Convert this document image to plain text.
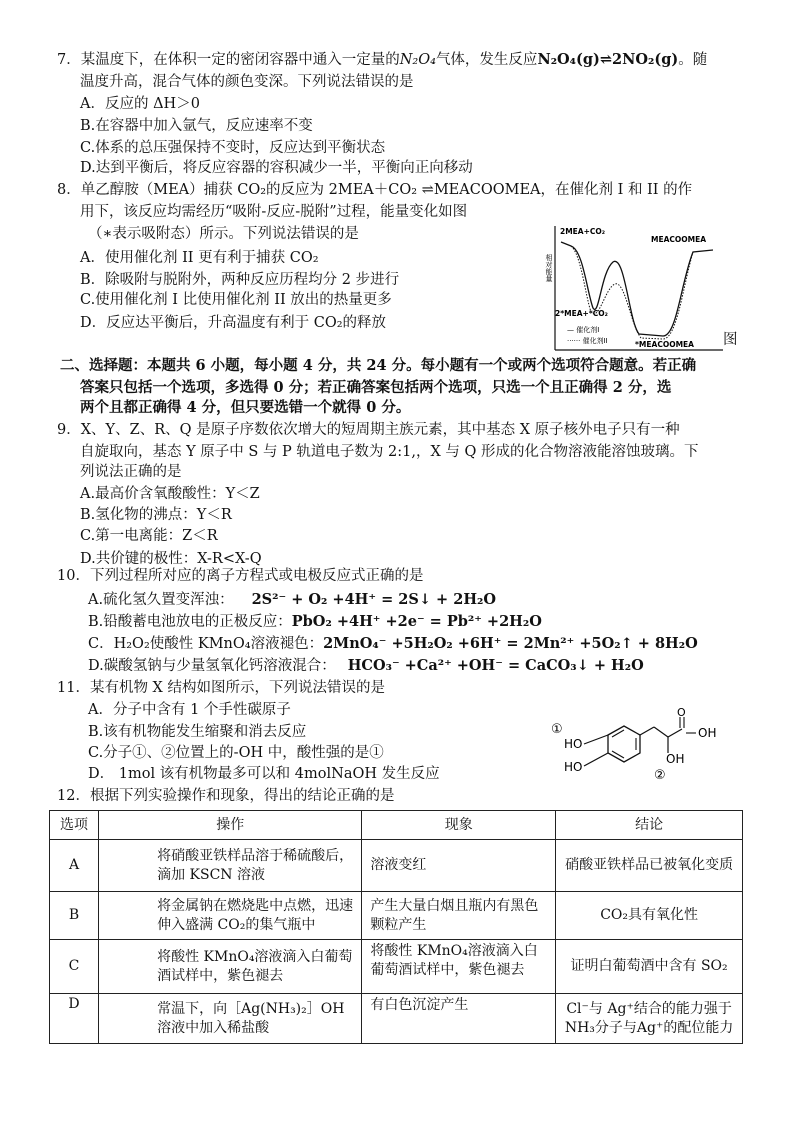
7．某温度下，在体积一定的密闭容器中通入一定量的N₂O₄气体，发生反应N₂O₄(g)⇌2NO₂(g)。随
温度升高，混合气体的颜色变深。下列说法错误的是
A．反应的 ΔH＞0
B.在容器中加入氩气，反应速率不变
C.体系的总压强保持不变时，反应达到平衡状态
D.达到平衡后，将反应容器的容积减少一半，平衡向正向移动
8．单乙醇胺（MEA）捕获 CO₂的反应为 2MEA＋CO₂ ⇌MEACOOMEA，在催化剂 I 和 II 的作
用下，该反应均需经历“吸附-反应-脱附”过程，能量变化如图
（∗表示吸附态）所示。下列说法错误的是
A．使用催化剂 II 更有利于捕获 CO₂
B．除吸附与脱附外，两种反应历程均分 2 步进行
C.使用催化剂 I 比使用催化剂 II 放出的热量更多
D．反应达平衡后，升高温度有利于 CO₂的释放
相对能量
2MEA+CO₂
MEACOOMEA
2*MEA+*CO₂
*MEACOOMEA
— 催化剂I
······ 催化剂II	图
二、选择题：本题共 6 小题，每小题 4 分，共 24 分。每小题有一个或两个选项符合题意。若正确
答案只包括一个选项，多选得 0 分；若正确答案包括两个选项，只选一个且正确得 2 分，选
两个且都正确得 4 分，但只要选错一个就得 0 分。
9．X、Y、Z、R、Q 是原子序数依次增大的短周期主族元素，其中基态 X 原子核外电子只有一种
自旋取向，基态 Y 原子中 S 与 P 轨道电子数为 2:1,，X 与 Q 形成的化合物溶液能溶蚀玻璃。下
列说法正确的是
A.最高价含氧酸酸性：Y＜Z
B.氢化物的沸点：Y＜R
C.第一电离能：Z＜R
D.共价键的极性：X-R<X-Q
10．下列过程所对应的离子方程式或电极反应式正确的是
A.硫化氢久置变浑浊： 2S²⁻ + O₂ +4H⁺ = 2S↓ + 2H₂O
B.铅酸蓄电池放电的正极反应：PbO₂ +4H⁺ +2e⁻ = Pb²⁺ +2H₂O
C．H₂O₂使酸性 KMnO₄溶液褪色：2MnO₄⁻ +5H₂O₂ +6H⁺ = 2Mn²⁺ +5O₂↑ + 8H₂O
D.碳酸氢钠与少量氢氧化钙溶液混合： HCO₃⁻ +Ca²⁺ +OH⁻ = CaCO₃↓ + H₂O
11．某有机物 X 结构如图所示，下列说法错误的是
A．分子中含有 1 个手性碳原子
B.该有机物能发生缩聚和消去反应
C.分子①、②位置上的-OH 中，酸性强的是①
D． 1mol 该有机物最多可以和 4molNaOH 发生反应
①
HO
HO
O
OH
OH
②
12．根据下列实验操作和现象，得出的结论正确的是
选项	操作	现象	结论
A	将硝酸亚铁样品溶于稀硫酸后，滴加 KSCN 溶液	溶液变红	硝酸亚铁样品已被氧化变质
B	将金属钠在燃烧匙中点燃，迅速伸入盛满 CO₂的集气瓶中	产生大量白烟且瓶内有黑色颗粒产生	CO₂具有氧化性
C	将酸性 KMnO₄溶液滴入白葡萄酒试样中，紫色褪去	将酸性 KMnO₄溶液滴入白葡萄酒试样中，紫色褪去	证明白葡萄酒中含有 SO₂
D	常温下，向［Ag(NH₃)₂］OH 溶液中加入稀盐酸	有白色沉淀产生	Cl⁻与 Ag⁺结合的能力强于 NH₃分子与Ag⁺的配位能力
